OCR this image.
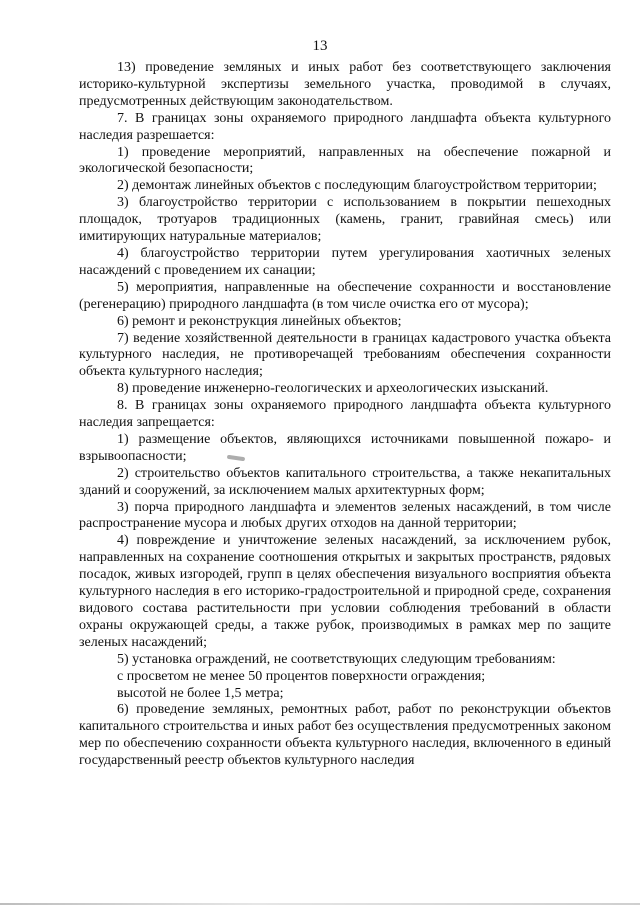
13

13) проведение земляных и иных работ без соответствующего заключения историко-культурной экспертизы земельного участка, проводимой в случаях, предусмотренных действующим законодательством.

7. В границах зоны охраняемого природного ландшафта объекта культурного наследия разрешается:

1) проведение мероприятий, направленных на обеспечение пожарной и экологической безопасности;

2) демонтаж линейных объектов с последующим благоустройством территории;

3) благоустройство территории с использованием в покрытии пешеходных площадок, тротуаров традиционных (камень, гранит, гравийная смесь) или имитирующих натуральные материалов;

4) благоустройство территории путем урегулирования хаотичных зеленых насаждений с проведением их санации;

5) мероприятия, направленные на обеспечение сохранности и восстановление (регенерацию) природного ландшафта (в том числе очистка его от мусора);

6) ремонт и реконструкция линейных объектов;

7) ведение хозяйственной деятельности в границах кадастрового участка объекта культурного наследия, не противоречащей требованиям обеспечения сохранности объекта культурного наследия;

8) проведение инженерно-геологических и археологических изысканий.

8. В границах зоны охраняемого природного ландшафта объекта культурного наследия запрещается:

1) размещение объектов, являющихся источниками повышенной пожаро- и взрывоопасности;

2) строительство объектов капитального строительства, а также некапитальных зданий и сооружений, за исключением малых архитектурных форм;

3) порча природного ландшафта и элементов зеленых насаждений, в том числе распространение мусора и любых других отходов на данной территории;

4) повреждение и уничтожение зеленых насаждений, за исключением рубок, направленных на сохранение соотношения открытых и закрытых пространств, рядовых посадок, живых изгородей, групп в целях обеспечения визуального восприятия объекта культурного наследия в его историко-градостроительной и природной среде, сохранения видового состава растительности при условии соблюдения требований в области охраны окружающей среды, а также рубок, производимых в рамках мер по защите зеленых насаждений;

5) установка ограждений, не соответствующих следующим требованиям:

с просветом не менее 50 процентов поверхности ограждения;

высотой не более 1,5 метра;

6) проведение земляных, ремонтных работ, работ по реконструкции объектов капитального строительства и иных работ без осуществления предусмотренных законом мер по обеспечению сохранности объекта культурного наследия, включенного в единый государственный реестр объектов культурного наследия
